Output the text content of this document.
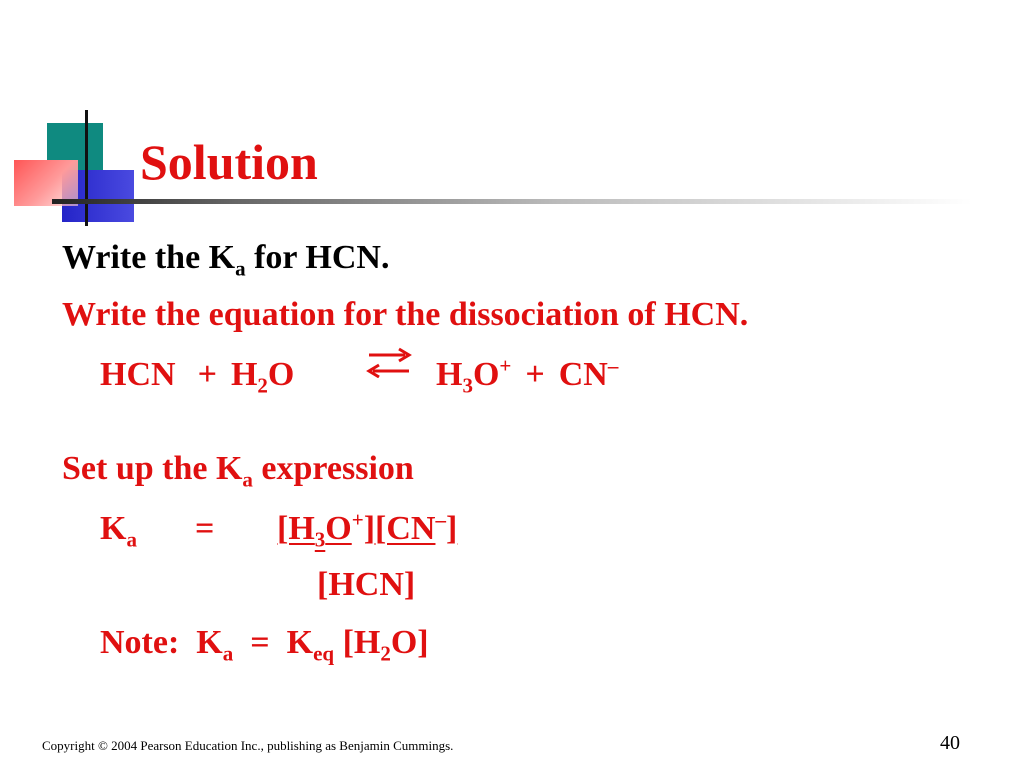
Solution
Write the $K_a$ for HCN.
Write the equation for the dissociation of HCN.
HCN + $H_2O$	⇌ $H_3O^+ + CN^-$
Set up the $K_a$ expression
$K_a = [H_3O^+][CN^-]$
[HCN]
Note:  $K_a = K_{eq}$ $[H_2O]$
Copyright © 2004 Pearson Education Inc., publishing as Benjamin Cummings.	40
